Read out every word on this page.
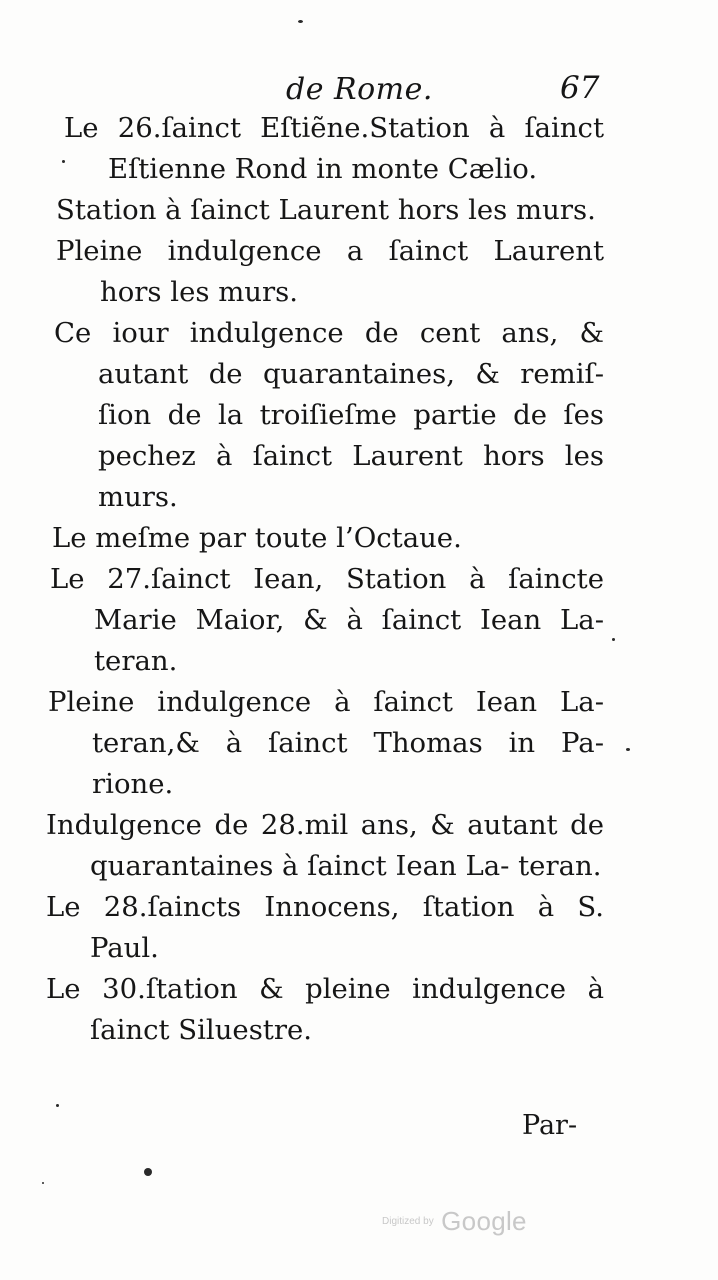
de Rome.	67

Le 26.ſainct Eſtiẽne.Station à ſainct Eſtienne Rond in monte Cælio.

Station à ſainct Laurent hors les murs.

Pleine indulgence a ſainct Laurent hors les murs.

Ce iour indulgence de cent ans, & autant de quarantaines, & remiſ- ſion de la troiſieſme partie de ſes pechez à ſainct Laurent hors les murs.

Le meſme par toute l’Octaue.

Le 27.ſainct Iean, Station à ſaincte Marie Maior, & à ſainct Iean La- teran.

Pleine indulgence à ſainct Iean La- teran,& à ſainct Thomas in Pa- rione.

Indulgence de 28.mil ans, & autant de quarantaines à ſainct Iean La- teran.

Le 28.ſaincts Innocens, ſtation à S. Paul.

Le 30.ſtation & pleine indulgence à ſainct Siluestre.

Par-
Digitized by Google
